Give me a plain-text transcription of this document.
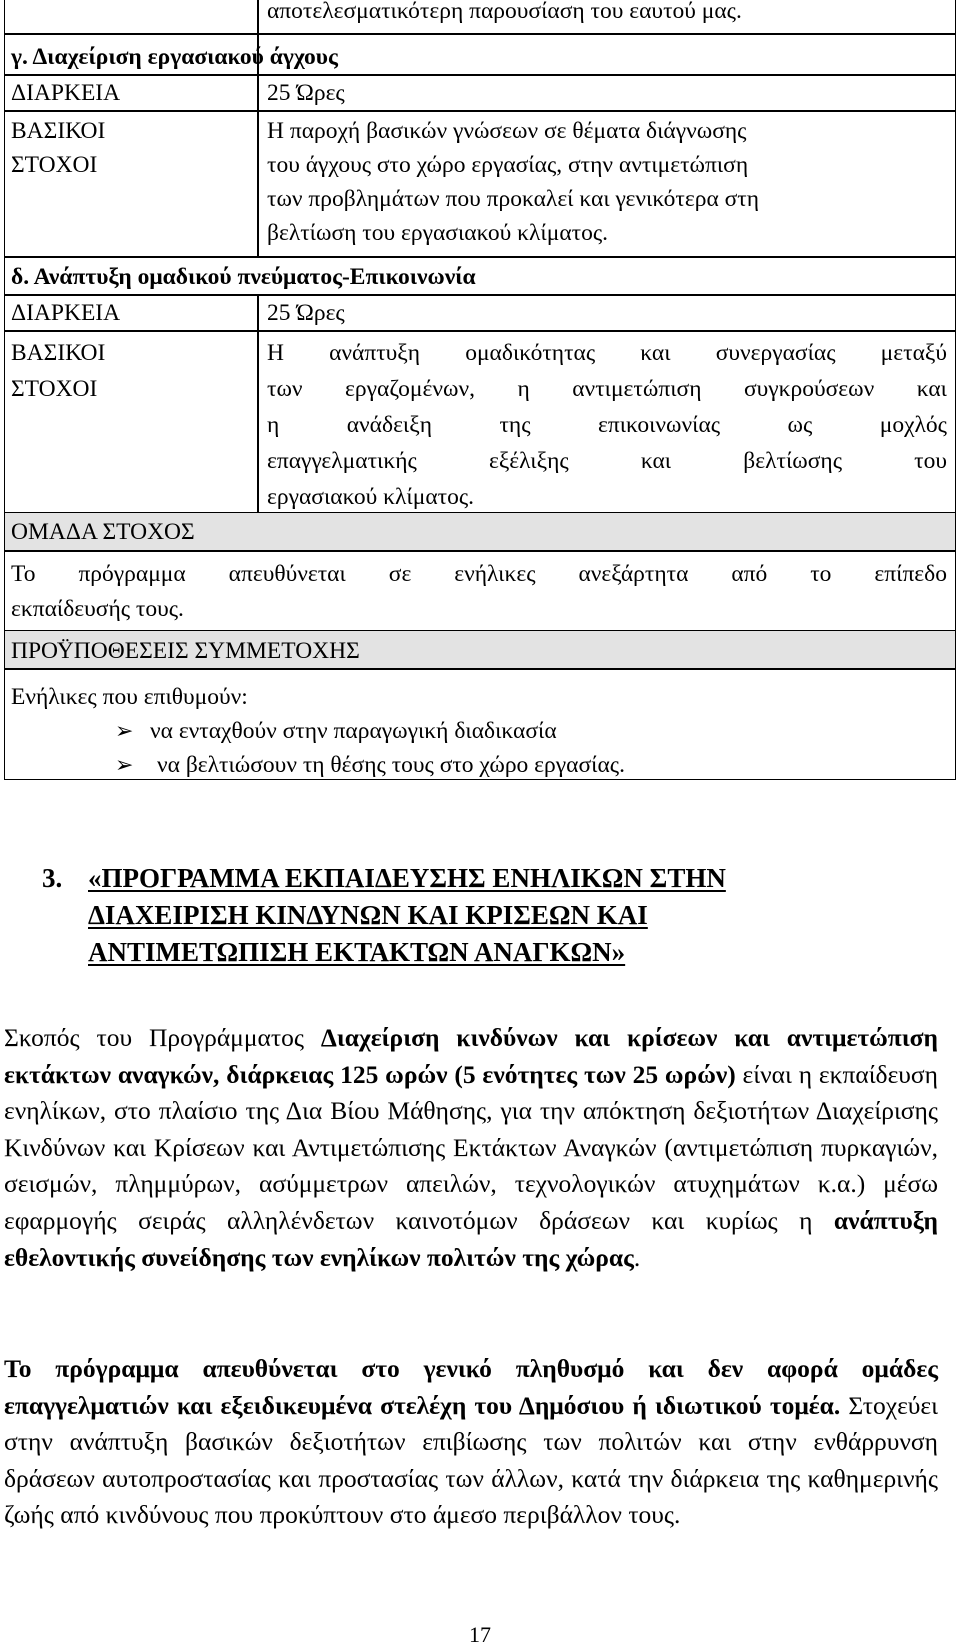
αποτελεσματικότερη παρουσίαση του εαυτού μας.
γ. Διαχείριση εργασιακού άγχους
ΔΙΑΡΚΕΙΑ	25 Ώρες
ΒΑΣΙΚΟΙ
ΣΤΟΧΟΙ
Η παροχή βασικών γνώσεων σε θέματα διάγνωσης
του άγχους στο χώρο εργασίας, στην αντιμετώπιση
των προβλημάτων που προκαλεί και γενικότερα στη
βελτίωση του εργασιακού κλίματος.
δ. Ανάπτυξη ομαδικού πνεύματος-Επικοινωνία
ΔΙΑΡΚΕΙΑ	25 Ώρες
ΒΑΣΙΚΟΙ
ΣΤΟΧΟΙ
Η ανάπτυξη ομαδικότητας και συνεργασίας μεταξύ
των εργαζομένων, η αντιμετώπιση συγκρούσεων και
η ανάδειξη της επικοινωνίας ως μοχλός
επαγγελματικής εξέλιξης και βελτίωσης του
εργασιακού κλίματος.
ΟΜΑΔΑ ΣΤΟΧΟΣ
Το πρόγραμμα απευθύνεται σε ενήλικες ανεξάρτητα από το επίπεδο
εκπαίδευσής τους.
ΠΡΟΫΠΟΘΕΣΕΙΣ ΣΥΜΜΕΤΟΧΗΣ
Ενήλικες που επιθυμούν:
➢ να ενταχθούν στην παραγωγική διαδικασία
➢ να βελτιώσουν τη θέσης τους στο χώρο εργασίας.
3. «ΠΡΟΓΡΑΜΜΑ ΕΚΠΑΙΔΕΥΣΗΣ ΕΝΗΛΙΚΩΝ ΣΤΗΝ
ΔΙΑΧΕΙΡΙΣΗ ΚΙΝΔΥΝΩΝ ΚΑΙ ΚΡΙΣΕΩΝ ΚΑΙ
ΑΝΤΙΜΕΤΩΠΙΣΗ ΕΚΤΑΚΤΩΝ ΑΝΑΓΚΩΝ»
Σκοπός του Προγράμματος Διαχείριση κινδύνων και κρίσεων και αντιμετώπιση εκτάκτων αναγκών, διάρκειας 125 ωρών (5 ενότητες των 25 ωρών) είναι η εκπαίδευση ενηλίκων, στο πλαίσιο της Δια Βίου Μάθησης, για την απόκτηση δεξιοτήτων Διαχείρισης Κινδύνων και Κρίσεων και Αντιμετώπισης Εκτάκτων Αναγκών (αντιμετώπιση πυρκαγιών, σεισμών, πλημμύρων, ασύμμετρων απειλών, τεχνολογικών ατυχημάτων κ.α.) μέσω εφαρμογής σειράς αλληλένδετων καινοτόμων δράσεων και κυρίως η ανάπτυξη εθελοντικής συνείδησης των ενηλίκων πολιτών της χώρας.
Το πρόγραμμα απευθύνεται στο γενικό πληθυσμό και δεν αφορά ομάδες επαγγελματιών και εξειδικευμένα στελέχη του Δημόσιου ή ιδιωτικού τομέα. Στοχεύει στην ανάπτυξη βασικών δεξιοτήτων επιβίωσης των πολιτών και στην ενθάρρυνση δράσεων αυτοπροστασίας και προστασίας των άλλων, κατά την διάρκεια της καθημερινής ζωής από κινδύνους που προκύπτουν στο άμεσο περιβάλλον τους.
17
